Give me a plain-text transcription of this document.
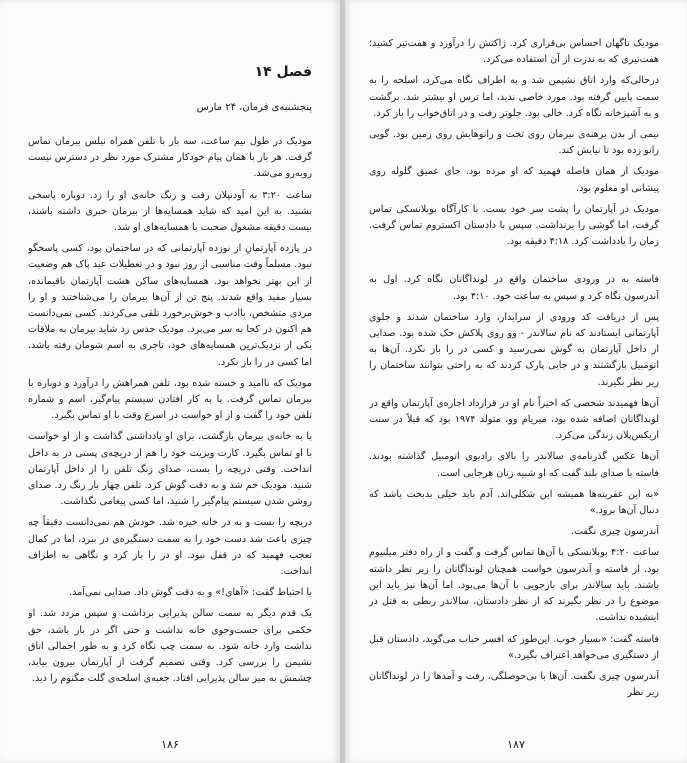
○
فصل ۱۴
پنجشنبه‌ی فرمان، ۲۴ مارس

مودیک در طول نیم ساعت، سه بار با تلفن همراه نیلس بیرمان تماس گرفت. هر بار با همان پیام خودکار مشترک مورد نظر در دسترس نیست روبه‌رو می‌شد.

ساعت ۳:۲۰ به آودنپلان رفت و زنگ خانه‌ی او را زد. دوباره پاسخی نشنید. به این امید که شاید همسایه‌ها از بیرمان خبری داشته باشند، بیست دقیقه مشغول صحبت با همسایه‌های او شد.

در پازده آپارتمانِ از نوزده آپارتمانی که در ساختمان بود، کسی پاسخگو نبود. مسلماً وقت مناسبی از روز نبود و در تعطیلات عید پاک هم وضعیت از این بهتر نخواهد بود. همسایه‌های ساکن هشت آپارتمان باقیمانده، بسیار مفید واقع شدند. پنج تن از آن‌ها بیرمان را می‌شناختند و او را مردی متشخص، باادب و خوش‌برخورد تلقی می‌کردند. کسی نمی‌دانست هم اکنون در کجا به سر می‌برد. مودیک حدس زد شاید بیرمان به ملاقات یکی از نزدیک‌ترین همسایه‌های خود، تاجری به اسم شومان رفته باشد. اما کسی در را باز نکرد.

مودیک که ناامید و خسته شده بود، تلفن همراهش را درآورد و دوباره با بیرمان تماس گرفت. با به کار افتادن سیستم پیام‌گیر، اسم و شماره تلفن خود را گفت و از او خواست در اسرع وقت با او تماس بگیرد.

با به خانه‌ی بیرمان بازگشت، برای او یادداشتی گذاشت و از او خواست با او تماس بگیرد. کارت ویزیت خود را هم از دریچه‌ی پستی در به داخل انداخت. وقتی دریچه را بست، صدای زنگ تلفن را از داخل آپارتمان شنید. مودیک خم شد و به دقت گوش کرد. تلفن چهار بار زنگ زد. صدای روشن شدن سیستم پیام‌گیر را شنید، اما کسی پیغامی نگذاشت.

دریچه را بست و به در خانه خیره شد. خودش هم نمی‌دانست دقیقاً چه چیزی باعث شد دست خود را به سمت دستگیره‌ی در ببرد، اما در کمال تعجب فهمید که در قفل نبود. او در را باز کرد و نگاهی به اطراف انداخت.

با احتیاط گفت: «آهای!» و به دقت گوش داد. صدایی نمی‌آمد.

یک قدم دیگر به سمت سالن پذیرایی برداشت و سپس مردد شد. او حکمی برای جست‌وجوی خانه نداشت و حتی اگر در باز باشد، حق نداشت وارد خانه شود. به سمت چپ نگاه کرد و به طور اجمالی اتاق نشیمن را بررسی کرد. وقتی تصمیم گرفت از آپارتمان بیرون بیاید، چشمش به میز سالن پذیرایی افتاد. جعبه‌ی اسلحه‌ی گلت مگنوم را دید.

۱۸۶

مودیک ناگهان احساس بی‌قراری کرد. ژاکتش را درآورد و هفت‌تیر کشید؛ هفت‌تیری که به ندرت از آن استفاده می‌کرد.

درحالی‌که وارد اتاق نشیمن شد و به اطراف نگاه می‌کرد، اسلحه را به سمت پایین گرفته بود. مورد خاصی ندید، اما ترس او بیشتر شد. برگشت و به آشپزخانه نگاه کرد. خالی بود. جلوتر رفت و در اتاق‌خواب را باز کرد.

نیمی از بدن برهنه‌ی بیرمان روی تخت و زانوهایش روی زمین بود. گویی زانو زده بود تا نیایش کند.

مودیک از همان فاصله فهمید که او مرده بود. جای عمیق گلوله روی پیشانی او معلوم بود.

مودیک در آپارتمان را پشت سر خود بست. با کارآگاه بوبلانسکی تماس گرفت، اما گوشی را برنداشت. سپس با دادستان اکستروم تماس گرفت. زمان را یادداشت کرد. ۴:۱۸ دقیقه بود.

فاسته به در ورودی ساختمان واقع در لونداگاتان نگاه کرد. اول به آندرسون نگاه کرد و سپس به ساعت خود. ۴:۱۰ بود.

پس از دریافت کد ورودی از سرایدار، وارد ساختمان شدند و جلوی آپارتمانی ایستادند که نام سالاندر - وو روی پلاکش حک شده بود. صدایی از داخل آپارتمان به گوش نمی‌رسید و کسی در را باز نکرد. آن‌ها به اتومبیل بازگشتند و در جایی پارک کردند که به راحتی بتوانند ساختمان را زیر نظر بگیرند.

آن‌ها فهمیدند شخصی که اخیراً نام او در قرارداد اجاره‌ی آپارتمان واقع در لونداگاتان اضافه شده بود، میریام وو، متولد ۱۹۷۴ بود که قبلاً در سنت اریکس‌پلان زندگی می‌کرد.

آن‌ها عکس گذرنامه‌ی سالاندر را بالای رادیوی اتومبیل گذاشته بودند. فاسته با صدای بلند گفت که او شبیه زنان هرجایی است.

«به این عفریته‌ها همیشه این شکلی‌اند. آدم باید خیلی بدبخت باشد که دنبال آن‌ها برود.»

آندرسون چیزی نگفت.

ساعت ۴:۲۰ بوبلانسکی با آن‌ها تماس گرفت و گفت و از راه دفتر میلنیوم بود. از فاسته و آندرسون خواست همچنان لونداگاتان را زیر نظر داشته باشند. باید سالاندر برای بازجویی با آن‌ها می‌بود. اما آن‌ها نیز باید این موضوع را در نظر بگیرند که از نظر دادستان، سالاندر ربطی به قتل در اینشیده نداشت.

فاسته گفت: «بسیار خوب. این‌طور که افسر حباب می‌گوید، دادستان قبل از دستگیری می‌خواهد اعتراف بگیرد.»

آندرسون چیزی نگفت. آن‌ها با بی‌حوصلگی، رفت و آمدها را در لونداگاتان زیر نظر

۱۸۷
